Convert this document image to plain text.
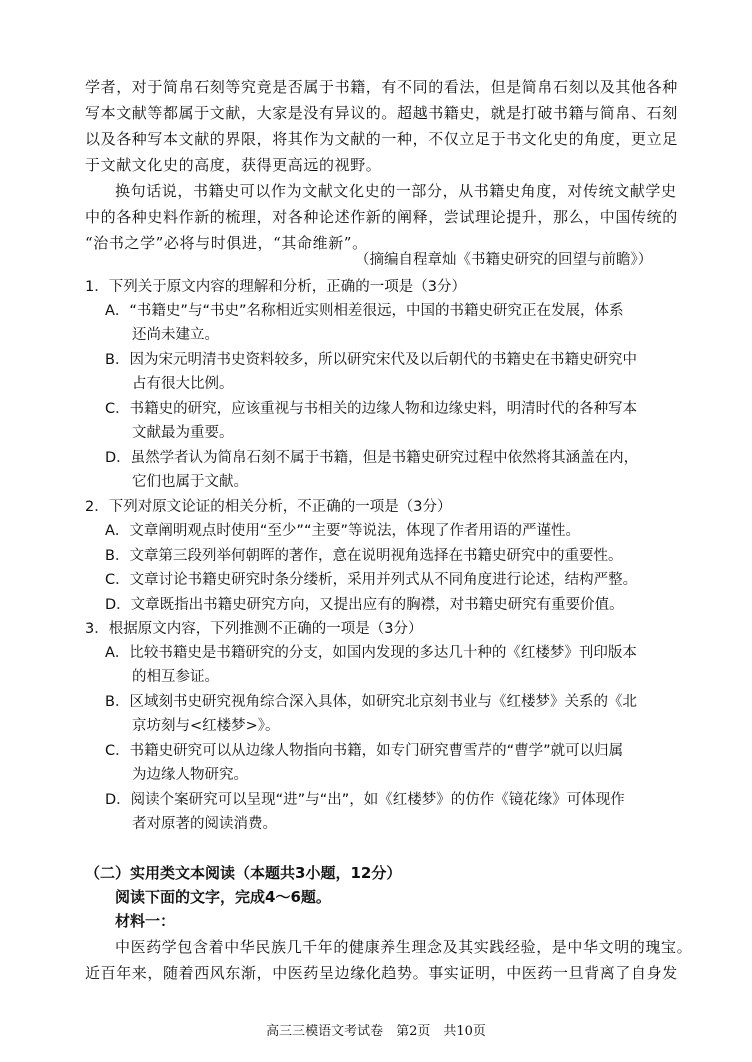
学者，对于简帛石刻等究竟是否属于书籍，有不同的看法，但是简帛石刻以及其他各种
写本文献等都属于文献，大家是没有异议的。超越书籍史，就是打破书籍与简帛、石刻
以及各种写本文献的界限，将其作为文献的一种，不仅立足于书文化史的角度，更立足
于文献文化史的高度，获得更高远的视野。
换句话说，书籍史可以作为文献文化史的一部分，从书籍史角度，对传统文献学史
中的各种史料作新的梳理，对各种论述作新的阐释，尝试理论提升，那么，中国传统的
“治书之学”必将与时俱进，“其命维新”。
（摘编自程章灿《书籍史研究的回望与前瞻》）
1．下列关于原文内容的理解和分析，正确的一项是（3分）
A．“书籍史”与“书史”名称相近实则相差很远，中国的书籍史研究正在发展，体系
还尚未建立。
B．因为宋元明清书史资料较多，所以研究宋代及以后朝代的书籍史在书籍史研究中
占有很大比例。
C．书籍史的研究，应该重视与书相关的边缘人物和边缘史料，明清时代的各种写本
文献最为重要。
D．虽然学者认为简帛石刻不属于书籍，但是书籍史研究过程中依然将其涵盖在内，
它们也属于文献。
2．下列对原文论证的相关分析，不正确的一项是（3分）
A．文章阐明观点时使用“至少”“主要”等说法，体现了作者用语的严谨性。
B．文章第三段列举何朝晖的著作，意在说明视角选择在书籍史研究中的重要性。
C．文章讨论书籍史研究时条分缕析，采用并列式从不同角度进行论述，结构严整。
D．文章既指出书籍史研究方向，又提出应有的胸襟，对书籍史研究有重要价值。
3．根据原文内容，下列推测不正确的一项是（3分）
A．比较书籍史是书籍研究的分支，如国内发现的多达几十种的《红楼梦》刊印版本
的相互参证。
B．区域刻书史研究视角综合深入具体，如研究北京刻书业与《红楼梦》关系的《北
京坊刻与<红楼梦>》。
C．书籍史研究可以从边缘人物指向书籍，如专门研究曹雪芹的“曹学”就可以归属
为边缘人物研究。
D．阅读个案研究可以呈现“进”与“出”，如《红楼梦》的仿作《镜花缘》可体现作
者对原著的阅读消费。
（二）实用类文本阅读（本题共3小题，12分）
阅读下面的文字，完成4～6题。
材料一：
中医药学包含着中华民族几千年的健康养生理念及其实践经验，是中华文明的瑰宝。
近百年来，随着西风东渐，中医药呈边缘化趋势。事实证明，中医药一旦背离了自身发
高三三模语文考试卷　第2页　共10页
